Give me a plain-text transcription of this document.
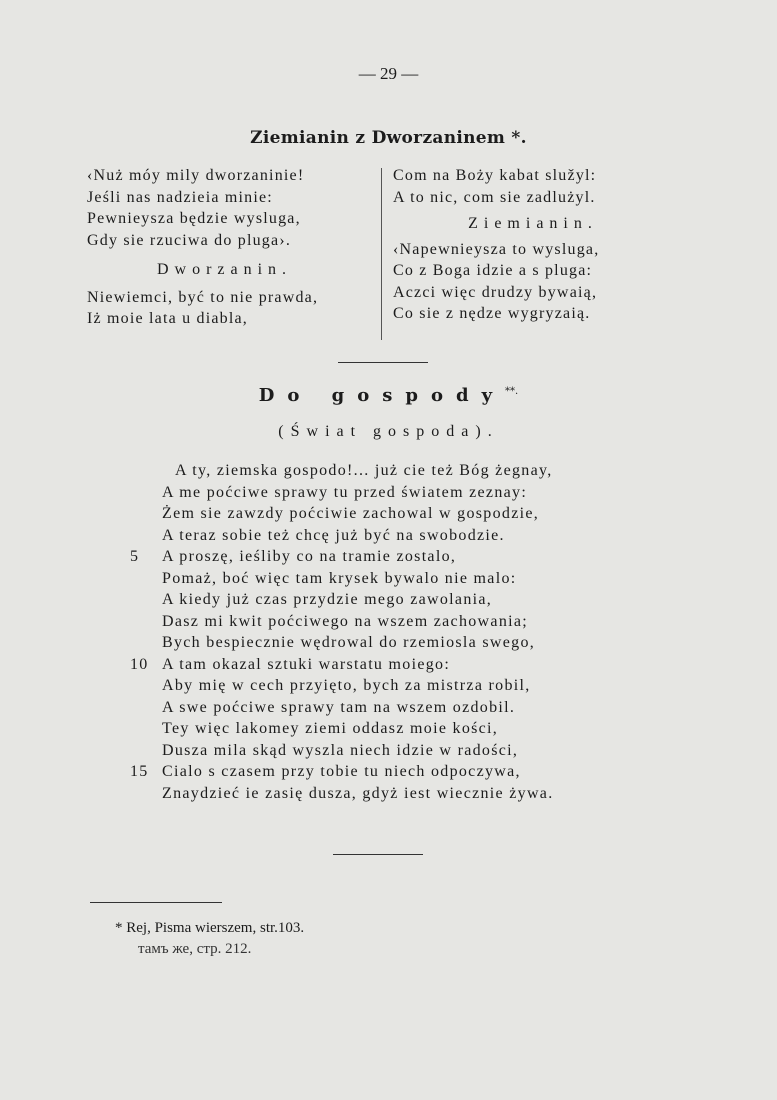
— 29 —
Ziemianin z Dworzaninem *.
‹Nuż móy mily dworzaninie!
Jeśli nas nadzieia minie:
Pewnieysza będzie wysluga,
Gdy sie rzuciwa do pluga›.
Dworzanin.
Niewiemci, być to nie prawda,
Iż moie lata u diabla,
Com na Boży kabat služyl:
A to nic, com sie zadlużyl.
Ziemianin.
‹Napewnieysza to wysluga,
Co z Boga idzie a s pluga:
Aczci więc drudzy bywaią,
Co sie z nędze wygryzaią.
Do gospody**.
(Świat gospoda).
A ty, ziemska gospodo!... już cie też Bóg żegnay,
A me poćciwe sprawy tu przed światem zeznay:
Żem sie zawzdy poćciwie zachowal w gospodzie,
A teraz sobie też chcę już być na swobodzie.
5 A proszę, ieśliby co na tramie zostalo,
Pomaż, boć więc tam krysek bywalo nie malo:
A kiedy już czas przydzie mego zawolania,
Dasz mi kwit poćciwego na wszem zachowania;
Bych bespiecznie wędrowal do rzemiosla swego,
10 A tam okazal sztuki warstatu moiego:
Aby mię w cech przyięto, bych za mistrza robil,
A swe poćciwe sprawy tam na wszem ozdobil.
Tey więc lakomey ziemi oddasz moie kości,
Dusza mila skąd wyszla niech idzie w radości,
15 Cialo s czasem przy tobie tu niech odpoczywa,
Znaydzieć ie zasię dusza, gdyż iest wiecznie żywa.
* Rej, Pisma wierszem, str.103.
тамъ же, стр. 212.
